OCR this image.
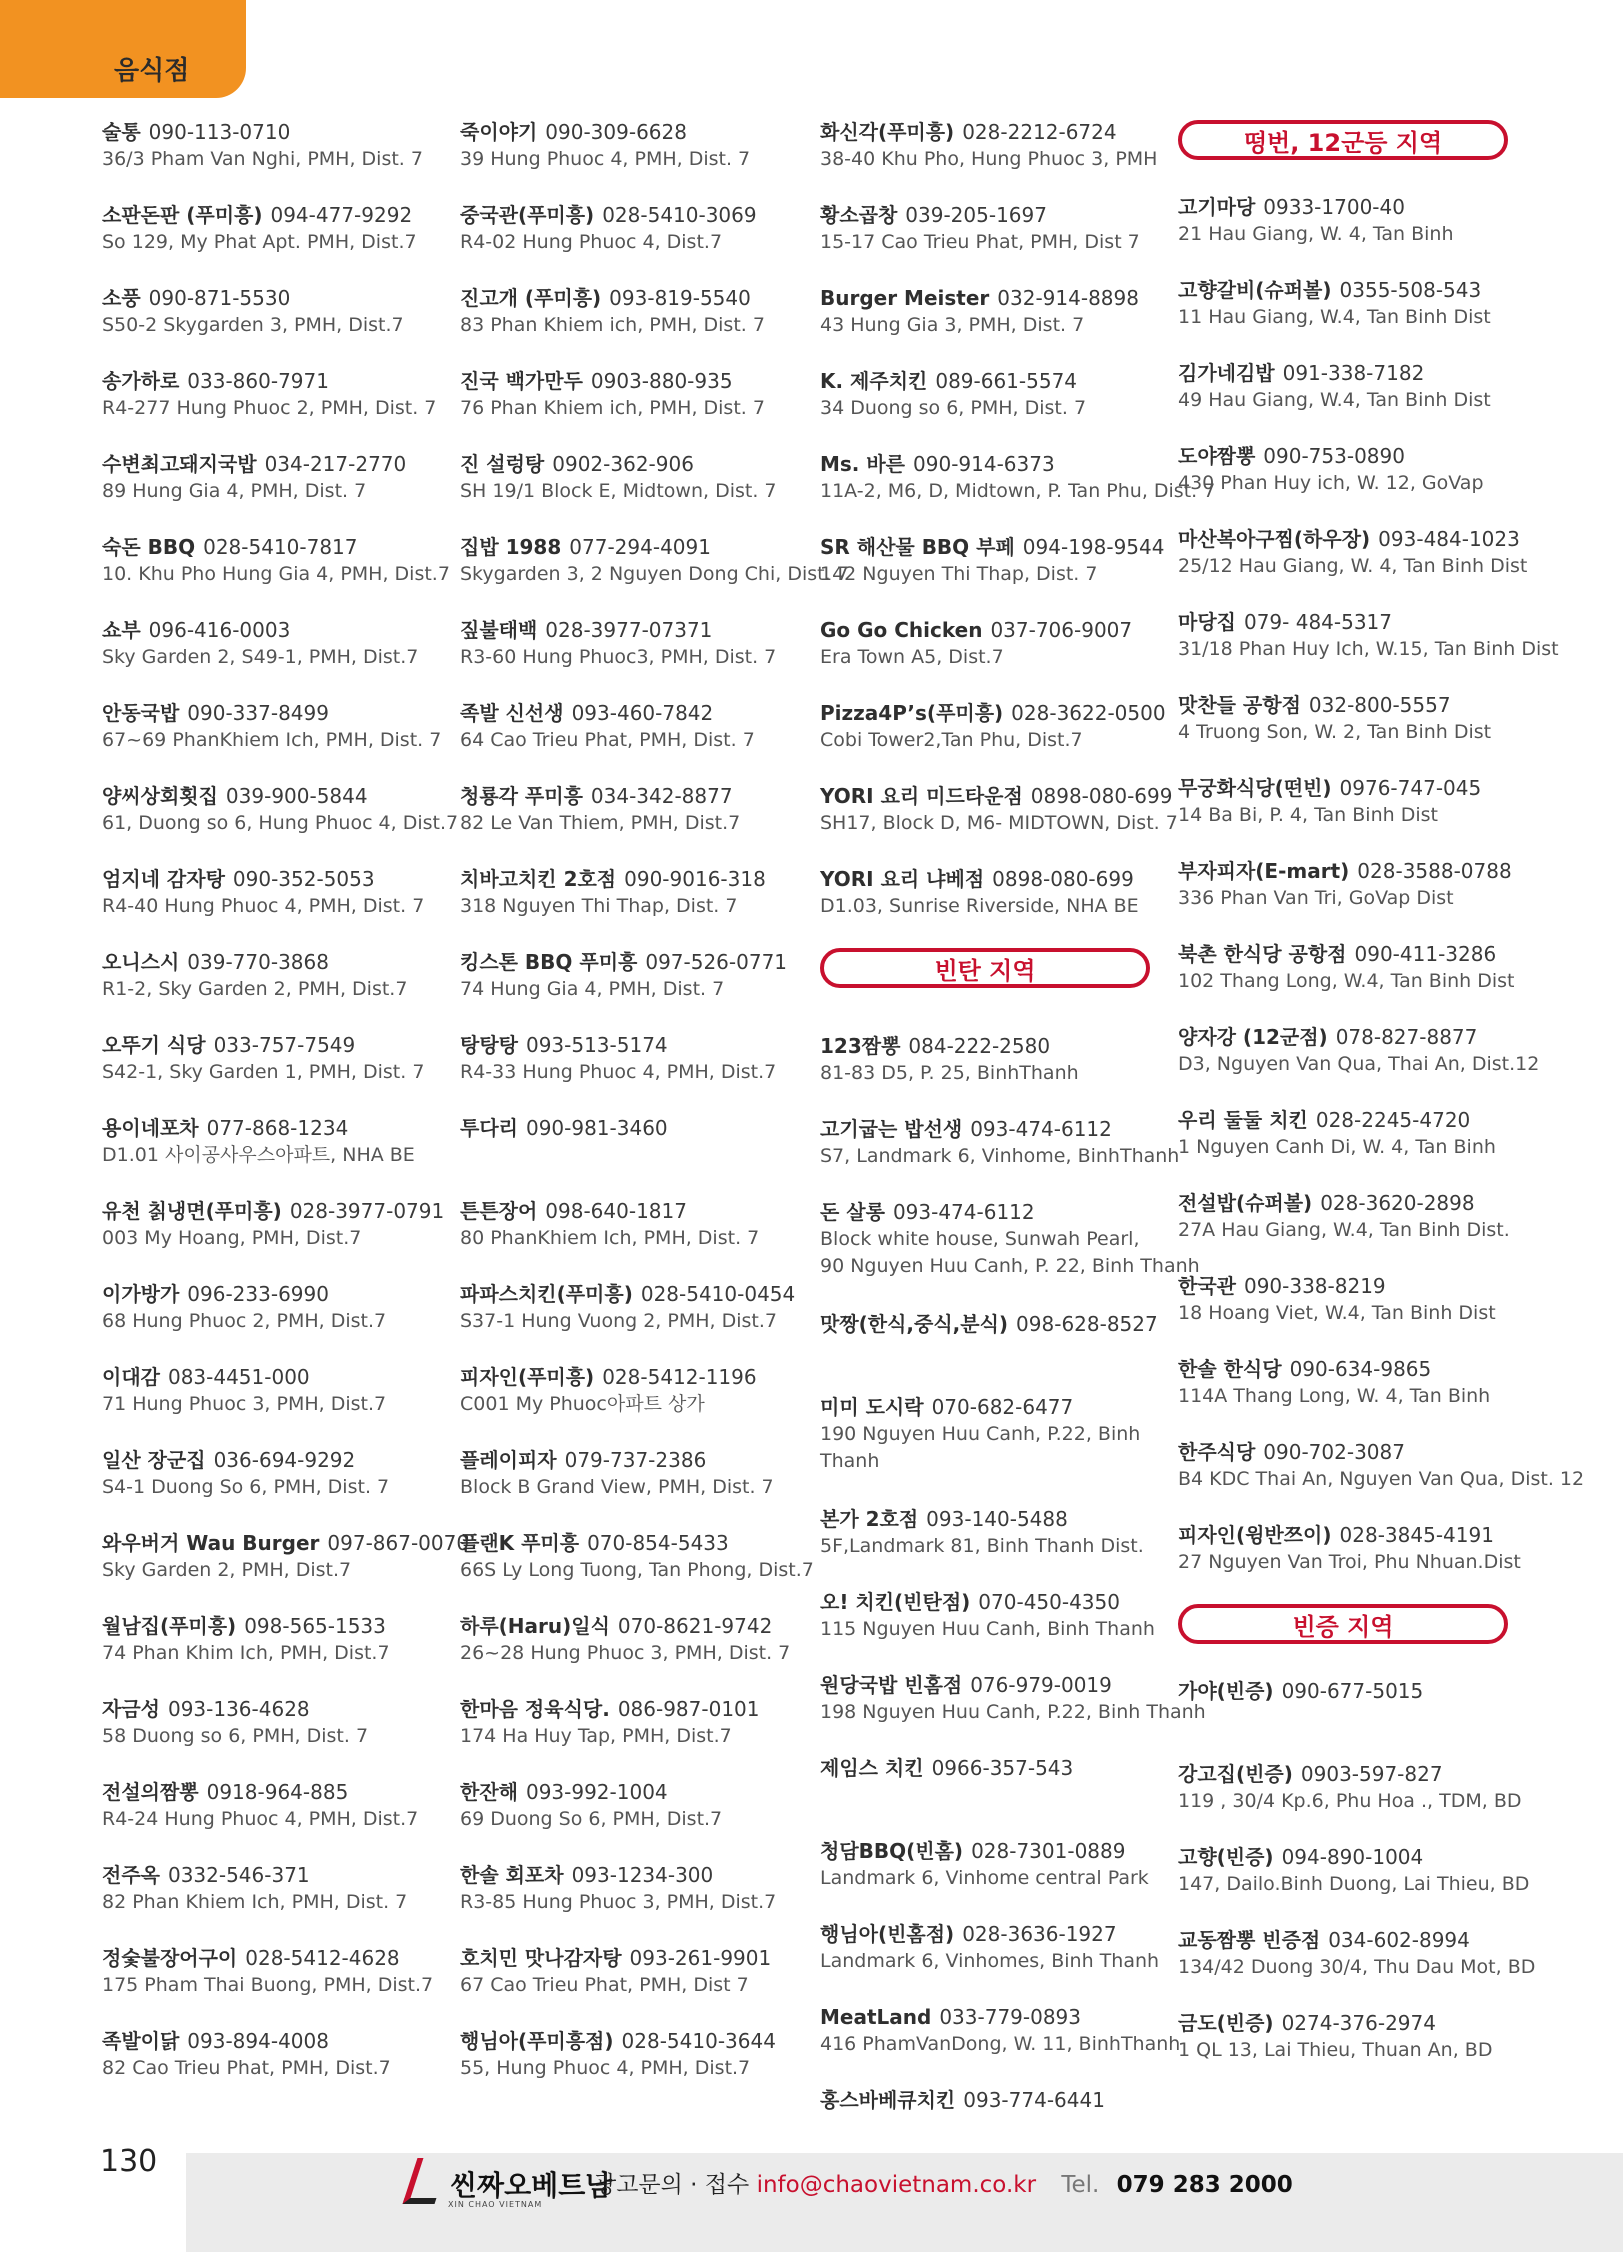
음식점
술통 090-113-0710
36/3 Pham Van Nghi, PMH, Dist. 7
소판돈판 (푸미흥) 094-477-9292
So 129, My Phat Apt. PMH, Dist.7
소풍 090-871-5530
S50-2 Skygarden 3, PMH, Dist.7
송가하로 033-860-7971
R4-277 Hung Phuoc 2, PMH, Dist. 7
수변최고돼지국밥 034-217-2770
89 Hung Gia 4, PMH, Dist. 7
숙돈 BBQ 028-5410-7817
10. Khu Pho Hung Gia 4, PMH, Dist.7
쇼부 096-416-0003
Sky Garden 2, S49-1, PMH, Dist.7
안동국밥 090-337-8499
67~69 PhanKhiem Ich, PMH, Dist. 7
양씨상회횟집 039-900-5844
61, Duong so 6, Hung Phuoc 4, Dist.7
엄지네 감자탕 090-352-5053
R4-40 Hung Phuoc 4, PMH, Dist. 7
오니스시 039-770-3868
R1-2, Sky Garden 2, PMH, Dist.7
오뚜기 식당 033-757-7549
S42-1, Sky Garden 1, PMH, Dist. 7
용이네포차 077-868-1234
D1.01 사이공사우스아파트, NHA BE
유천 칡냉면(푸미흥) 028-3977-0791
003 My Hoang, PMH, Dist.7
이가방가 096-233-6990
68 Hung Phuoc 2, PMH, Dist.7
이대감 083-4451-000
71 Hung Phuoc 3, PMH, Dist.7
일산 장군집 036-694-9292
S4-1 Duong So 6, PMH, Dist. 7
와우버거 Wau Burger 097-867-0070
Sky Garden 2, PMH, Dist.7
월남집(푸미흥) 098-565-1533
74 Phan Khim Ich, PMH, Dist.7
자금성 093-136-4628
58 Duong so 6, PMH, Dist. 7
전설의짬뽕 0918-964-885
R4-24 Hung Phuoc 4, PMH, Dist.7
전주옥 0332-546-371
82 Phan Khiem Ich, PMH, Dist. 7
정숯불장어구이 028-5412-4628
175 Pham Thai Buong, PMH, Dist.7
족발이닭 093-894-4008
82 Cao Trieu Phat, PMH, Dist.7
죽이야기 090-309-6628
39 Hung Phuoc 4, PMH, Dist. 7
중국관(푸미흥) 028-5410-3069
R4-02 Hung Phuoc 4, Dist.7
진고개 (푸미흥) 093-819-5540
83 Phan Khiem ich, PMH, Dist. 7
진국 백가만두 0903-880-935
76 Phan Khiem ich, PMH, Dist. 7
진 설렁탕 0902-362-906
SH 19/1 Block E, Midtown, Dist. 7
집밥 1988 077-294-4091
Skygarden 3, 2 Nguyen Dong Chi, Dist. 7
짚불태백 028-3977-07371
R3-60 Hung Phuoc3, PMH, Dist. 7
족발 신선생 093-460-7842
64 Cao Trieu Phat, PMH, Dist. 7
청룡각 푸미흥 034-342-8877
82 Le Van Thiem, PMH, Dist.7
치바고치킨 2호점 090-9016-318
318 Nguyen Thi Thap, Dist. 7
킹스톤 BBQ 푸미흥 097-526-0771
74 Hung Gia 4, PMH, Dist. 7
탕탕탕 093-513-5174
R4-33 Hung Phuoc 4, PMH, Dist.7
투다리 090-981-3460
튼튼장어 098-640-1817
80 PhanKhiem Ich, PMH, Dist. 7
파파스치킨(푸미흥) 028-5410-0454
S37-1 Hung Vuong 2, PMH, Dist.7
피자인(푸미흥) 028-5412-1196
C001 My Phuoc아파트 상가
플레이피자 079-737-2386
Block B Grand View, PMH, Dist. 7
플랜K 푸미흥 070-854-5433
66S Ly Long Tuong, Tan Phong, Dist.7
하루(Haru)일식 070-8621-9742
26~28 Hung Phuoc 3, PMH, Dist. 7
한마음 정육식당. 086-987-0101
174 Ha Huy Tap, PMH, Dist.7
한잔해 093-992-1004
69 Duong So 6, PMH, Dist.7
한솔 회포차 093-1234-300
R3-85 Hung Phuoc 3, PMH, Dist.7
호치민 맛나감자탕 093-261-9901
67 Cao Trieu Phat, PMH, Dist 7
행님아(푸미흥점) 028-5410-3644
55, Hung Phuoc 4, PMH, Dist.7
화신각(푸미흥) 028-2212-6724
38-40 Khu Pho, Hung Phuoc 3, PMH
황소곱창 039-205-1697
15-17 Cao Trieu Phat, PMH, Dist 7
Burger Meister 032-914-8898
43 Hung Gia 3, PMH, Dist. 7
K. 제주치킨 089-661-5574
34 Duong so 6, PMH, Dist. 7
Ms. 바른 090-914-6373
11A-2, M6, D, Midtown, P. Tan Phu, Dist. 7
SR 해산물 BBQ 부페 094-198-9544
142 Nguyen Thi Thap, Dist. 7
Go Go Chicken 037-706-9007
Era Town A5, Dist.7
Pizza4P’s(푸미흥) 028-3622-0500
Cobi Tower2,Tan Phu, Dist.7
YORI 요리 미드타운점 0898-080-699
SH17, Block D, M6- MIDTOWN, Dist. 7
YORI 요리 냐베점 0898-080-699
D1.03, Sunrise Riverside, NHA BE
빈탄 지역
123짬뽕 084-222-2580
81-83 D5, P. 25, BinhThanh
고기굽는 밥선생 093-474-6112
S7, Landmark 6, Vinhome, BinhThanh
돈 살롱 093-474-6112
Block white house, Sunwah Pearl,
90 Nguyen Huu Canh, P. 22, Binh Thanh
맛짱(한식,중식,분식) 098-628-8527
미미 도시락 070-682-6477
190 Nguyen Huu Canh, P.22, Binh
Thanh
본가 2호점 093-140-5488
5F,Landmark 81, Binh Thanh Dist.
오! 치킨(빈탄점) 070-450-4350
115 Nguyen Huu Canh, Binh Thanh
원당국밥 빈홈점 076-979-0019
198 Nguyen Huu Canh, P.22, Binh Thanh
제임스 치킨 0966-357-543
청담BBQ(빈홈) 028-7301-0889
Landmark 6, Vinhome central Park
행님아(빈홈점) 028-3636-1927
Landmark 6, Vinhomes, Binh Thanh
MeatLand 033-779-0893
416 PhamVanDong, W. 11, BinhThanh
홍스바베큐치킨 093-774-6441
떵번, 12군등 지역
고기마당 0933-1700-40
21 Hau Giang, W. 4, Tan Binh
고향갈비(슈퍼볼) 0355-508-543
11 Hau Giang, W.4, Tan Binh Dist
김가네김밥 091-338-7182
49 Hau Giang, W.4, Tan Binh Dist
도야짬뽕 090-753-0890
430 Phan Huy ich, W. 12, GoVap
마산복아구찜(하우장) 093-484-1023
25/12 Hau Giang, W. 4, Tan Binh Dist
마당집 079- 484-5317
31/18 Phan Huy Ich, W.15, Tan Binh Dist
맛찬들 공항점 032-800-5557
4 Truong Son, W. 2, Tan Binh Dist
무궁화식당(떤빈) 0976-747-045
14 Ba Bi, P. 4, Tan Binh Dist
부자피자(E-mart) 028-3588-0788
336 Phan Van Tri, GoVap Dist
북촌 한식당 공항점 090-411-3286
102 Thang Long, W.4, Tan Binh Dist
양자강 (12군점) 078-827-8877
D3, Nguyen Van Qua, Thai An, Dist.12
우리 둘둘 치킨 028-2245-4720
1 Nguyen Canh Di, W. 4, Tan Binh
전설밥(슈퍼볼) 028-3620-2898
27A Hau Giang, W.4, Tan Binh Dist.
한국관 090-338-8219
18 Hoang Viet, W.4, Tan Binh Dist
한솔 한식당 090-634-9865
114A Thang Long, W. 4, Tan Binh
한주식당 090-702-3087
B4 KDC Thai An, Nguyen Van Qua, Dist. 12
피자인(윙반쯔이) 028-3845-4191
27 Nguyen Van Troi, Phu Nhuan.Dist
빈증 지역
가야(빈증) 090-677-5015
강고집(빈증) 0903-597-827
119 , 30/4 Kp.6, Phu Hoa ., TDM, BD
고향(빈증) 094-890-1004
147, Dailo.Binh Duong, Lai Thieu, BD
교동짬뽕 빈증점 034-602-8994
134/42 Duong 30/4, Thu Dau Mot, BD
금도(빈증) 0274-376-2974
1 QL 13, Lai Thieu, Thuan An, BD
130
씬짜오베트남
XIN CHAO VIETNAM
광고문의 · 접수 info@chaovietnam.co.kr Tel. 079 283 2000
